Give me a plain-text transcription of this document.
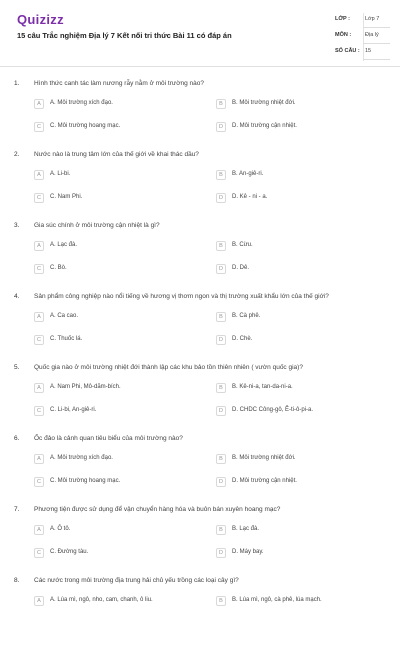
Quizizz
15 câu Trắc nghiệm Địa lý 7 Kết nối tri thức Bài 11 có đáp án
LỚP :	Lớp 7
MÔN :	Địa lý
SỐ CÂU : 15
1. Hình thức canh tác làm nương rẫy nằm ở môi trường nào?
A	A. Môi trường xích đạo.	B	B. Môi trường nhiệt đới.
C	C. Môi trường hoang mạc.	D	D. Môi trường cận nhiệt.
2. Nước nào là trung tâm lớn của thế giới về khai thác dầu?
A	A. Li-bi.	B	B. An-giê-ri.
C	C. Nam Phi.	D	D. Kê - ni - a.
3. Gia súc chính ở môi trường cận nhiệt là gì?
A	A. Lạc đà.	B	B. Cừu.
C	C. Bò.	D	D. Dê.
4. Sản phẩm công nghiệp nào nổi tiếng về hương vị thơm ngon và thị trường xuất khẩu lớn của thế giới?
A	A. Ca cao.	B	B. Cà phê.
C	C. Thuốc lá.	D	D. Chè.
5. Quốc gia nào ở môi trường nhiệt đới thành lập các khu bảo tồn thiên nhiên ( vườn quốc gia)?
A	A. Nam Phi, Mô-dăm-bích.	B	B. Kê-ni-a, tan-da-ni-a.
C	C. Li-bi, An-giê-ri.	D	D. CHDC Công-gô, Ê-ti-ô-pi-a.
6. Ốc đảo là cảnh quan tiêu biểu của môi trường nào?
A	A. Môi trường xích đạo.	B	B. Môi trường nhiệt đới.
C	C. Môi trường hoang mạc.	D	D. Môi trường cận nhiệt.
7. Phương tiện được sử dụng để vận chuyển hàng hóa và buôn bán xuyên hoang mạc?
A	A. Ô tô.	B	B. Lạc đà.
C	C. Đường tàu.	D	D. Máy bay.
8. Các nước trong môi trường địa trung hải chủ yếu trồng các loại cây gì?
A	A. Lúa mì, ngô, nho, cam, chanh, ô liu.	B	B. Lúa mì, ngô, cà phê, lúa mạch.
